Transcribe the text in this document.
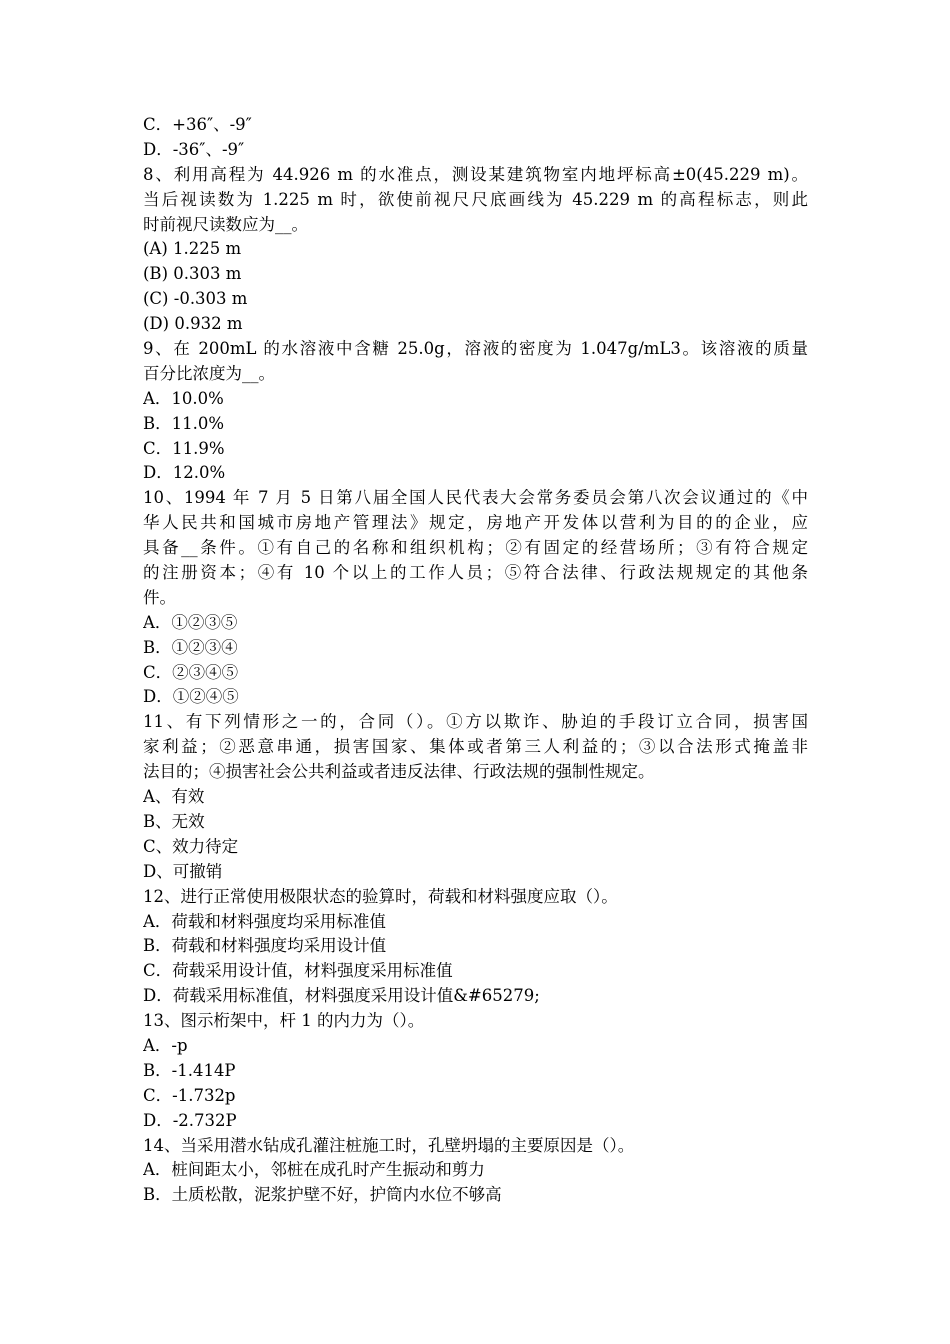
C．+36″、-9″
D．-36″、-9″
8、利用高程为 44.926 m 的水准点，测设某建筑物室内地坪标高±0(45.229 m)。
当后视读数为 1.225 m 时，欲使前视尺尺底画线为 45.229 m 的高程标志，则此
时前视尺读数应为__。
(A) 1.225 m
(B) 0.303 m
(C) -0.303 m
(D) 0.932 m
9、在 200mL 的水溶液中含糖 25.0g，溶液的密度为 1.047g/mL3。该溶液的质量
百分比浓度为__。
A．10.0%
B．11.0%
C．11.9%
D．12.0%
10、1994 年 7 月 5 日第八届全国人民代表大会常务委员会第八次会议通过的《中
华人民共和国城市房地产管理法》规定，房地产开发体以营利为目的的企业，应
具备__条件。①有自己的名称和组织机构；②有固定的经营场所；③有符合规定
的注册资本；④有 10 个以上的工作人员；⑤符合法律、行政法规规定的其他条
件。
A．①②③⑤
B．①②③④
C．②③④⑤
D．①②④⑤
11、有下列情形之一的，合同（）。①方以欺诈、胁迫的手段订立合同，损害国
家利益；②恶意串通，损害国家、集体或者第三人利益的；③以合法形式掩盖非
法目的；④损害社会公共利益或者违反法律、行政法规的强制性规定。
A、有效
B、无效
C、效力待定
D、可撤销
12、进行正常使用极限状态的验算时，荷载和材料强度应取（）。
A．荷载和材料强度均采用标准值
B．荷载和材料强度均采用设计值
C．荷载采用设计值，材料强度采用标准值
D．荷载采用标准值，材料强度采用设计值&#65279;
13、图示桁架中，杆 1 的内力为（）。
A．-p
B．-1.414P
C．-1.732p
D．-2.732P
14、当采用潜水钻成孔灌注桩施工时，孔壁坍塌的主要原因是（）。
A．桩间距太小，邻桩在成孔时产生振动和剪力
B．土质松散，泥浆护壁不好，护筒内水位不够高
